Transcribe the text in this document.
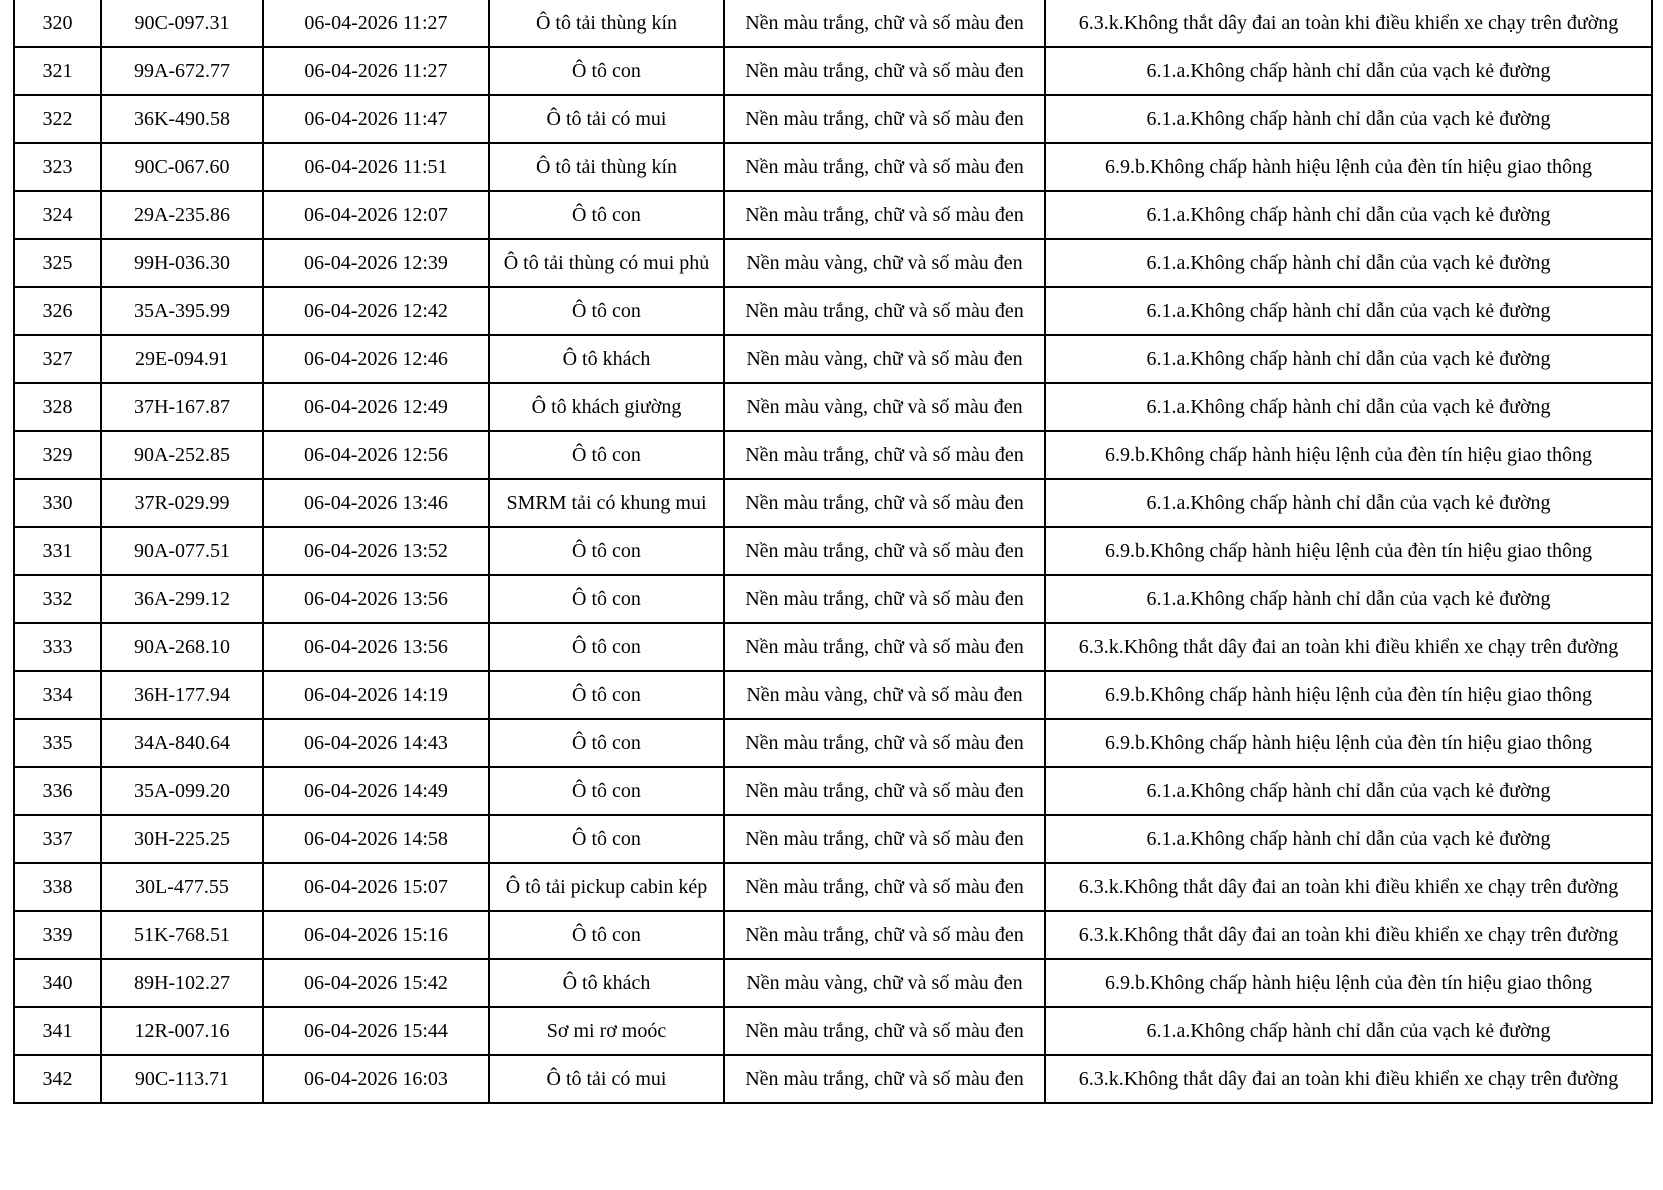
320	90C-097.31	06-04-2026 11:27	Ô tô tải thùng kín	Nền màu trắng, chữ và số màu đen	6.3.k.Không thắt dây đai an toàn khi điều khiển xe chạy trên đường
321	99A-672.77	06-04-2026 11:27	Ô tô con	Nền màu trắng, chữ và số màu đen	6.1.a.Không chấp hành chỉ dẫn của vạch kẻ đường
322	36K-490.58	06-04-2026 11:47	Ô tô tải có mui	Nền màu trắng, chữ và số màu đen	6.1.a.Không chấp hành chỉ dẫn của vạch kẻ đường
323	90C-067.60	06-04-2026 11:51	Ô tô tải thùng kín	Nền màu trắng, chữ và số màu đen	6.9.b.Không chấp hành hiệu lệnh của đèn tín hiệu giao thông
324	29A-235.86	06-04-2026 12:07	Ô tô con	Nền màu trắng, chữ và số màu đen	6.1.a.Không chấp hành chỉ dẫn của vạch kẻ đường
325	99H-036.30	06-04-2026 12:39	Ô tô tải thùng có mui phủ	Nền màu vàng, chữ và số màu đen	6.1.a.Không chấp hành chỉ dẫn của vạch kẻ đường
326	35A-395.99	06-04-2026 12:42	Ô tô con	Nền màu trắng, chữ và số màu đen	6.1.a.Không chấp hành chỉ dẫn của vạch kẻ đường
327	29E-094.91	06-04-2026 12:46	Ô tô khách	Nền màu vàng, chữ và số màu đen	6.1.a.Không chấp hành chỉ dẫn của vạch kẻ đường
328	37H-167.87	06-04-2026 12:49	Ô tô khách giường	Nền màu vàng, chữ và số màu đen	6.1.a.Không chấp hành chỉ dẫn của vạch kẻ đường
329	90A-252.85	06-04-2026 12:56	Ô tô con	Nền màu trắng, chữ và số màu đen	6.9.b.Không chấp hành hiệu lệnh của đèn tín hiệu giao thông
330	37R-029.99	06-04-2026 13:46	SMRM tải có khung mui	Nền màu trắng, chữ và số màu đen	6.1.a.Không chấp hành chỉ dẫn của vạch kẻ đường
331	90A-077.51	06-04-2026 13:52	Ô tô con	Nền màu trắng, chữ và số màu đen	6.9.b.Không chấp hành hiệu lệnh của đèn tín hiệu giao thông
332	36A-299.12	06-04-2026 13:56	Ô tô con	Nền màu trắng, chữ và số màu đen	6.1.a.Không chấp hành chỉ dẫn của vạch kẻ đường
333	90A-268.10	06-04-2026 13:56	Ô tô con	Nền màu trắng, chữ và số màu đen	6.3.k.Không thắt dây đai an toàn khi điều khiển xe chạy trên đường
334	36H-177.94	06-04-2026 14:19	Ô tô con	Nền màu vàng, chữ và số màu đen	6.9.b.Không chấp hành hiệu lệnh của đèn tín hiệu giao thông
335	34A-840.64	06-04-2026 14:43	Ô tô con	Nền màu trắng, chữ và số màu đen	6.9.b.Không chấp hành hiệu lệnh của đèn tín hiệu giao thông
336	35A-099.20	06-04-2026 14:49	Ô tô con	Nền màu trắng, chữ và số màu đen	6.1.a.Không chấp hành chỉ dẫn của vạch kẻ đường
337	30H-225.25	06-04-2026 14:58	Ô tô con	Nền màu trắng, chữ và số màu đen	6.1.a.Không chấp hành chỉ dẫn của vạch kẻ đường
338	30L-477.55	06-04-2026 15:07	Ô tô tải pickup cabin kép	Nền màu trắng, chữ và số màu đen	6.3.k.Không thắt dây đai an toàn khi điều khiển xe chạy trên đường
339	51K-768.51	06-04-2026 15:16	Ô tô con	Nền màu trắng, chữ và số màu đen	6.3.k.Không thắt dây đai an toàn khi điều khiển xe chạy trên đường
340	89H-102.27	06-04-2026 15:42	Ô tô khách	Nền màu vàng, chữ và số màu đen	6.9.b.Không chấp hành hiệu lệnh của đèn tín hiệu giao thông
341	12R-007.16	06-04-2026 15:44	Sơ mi rơ moóc	Nền màu trắng, chữ và số màu đen	6.1.a.Không chấp hành chỉ dẫn của vạch kẻ đường
342	90C-113.71	06-04-2026 16:03	Ô tô tải có mui	Nền màu trắng, chữ và số màu đen	6.3.k.Không thắt dây đai an toàn khi điều khiển xe chạy trên đường
